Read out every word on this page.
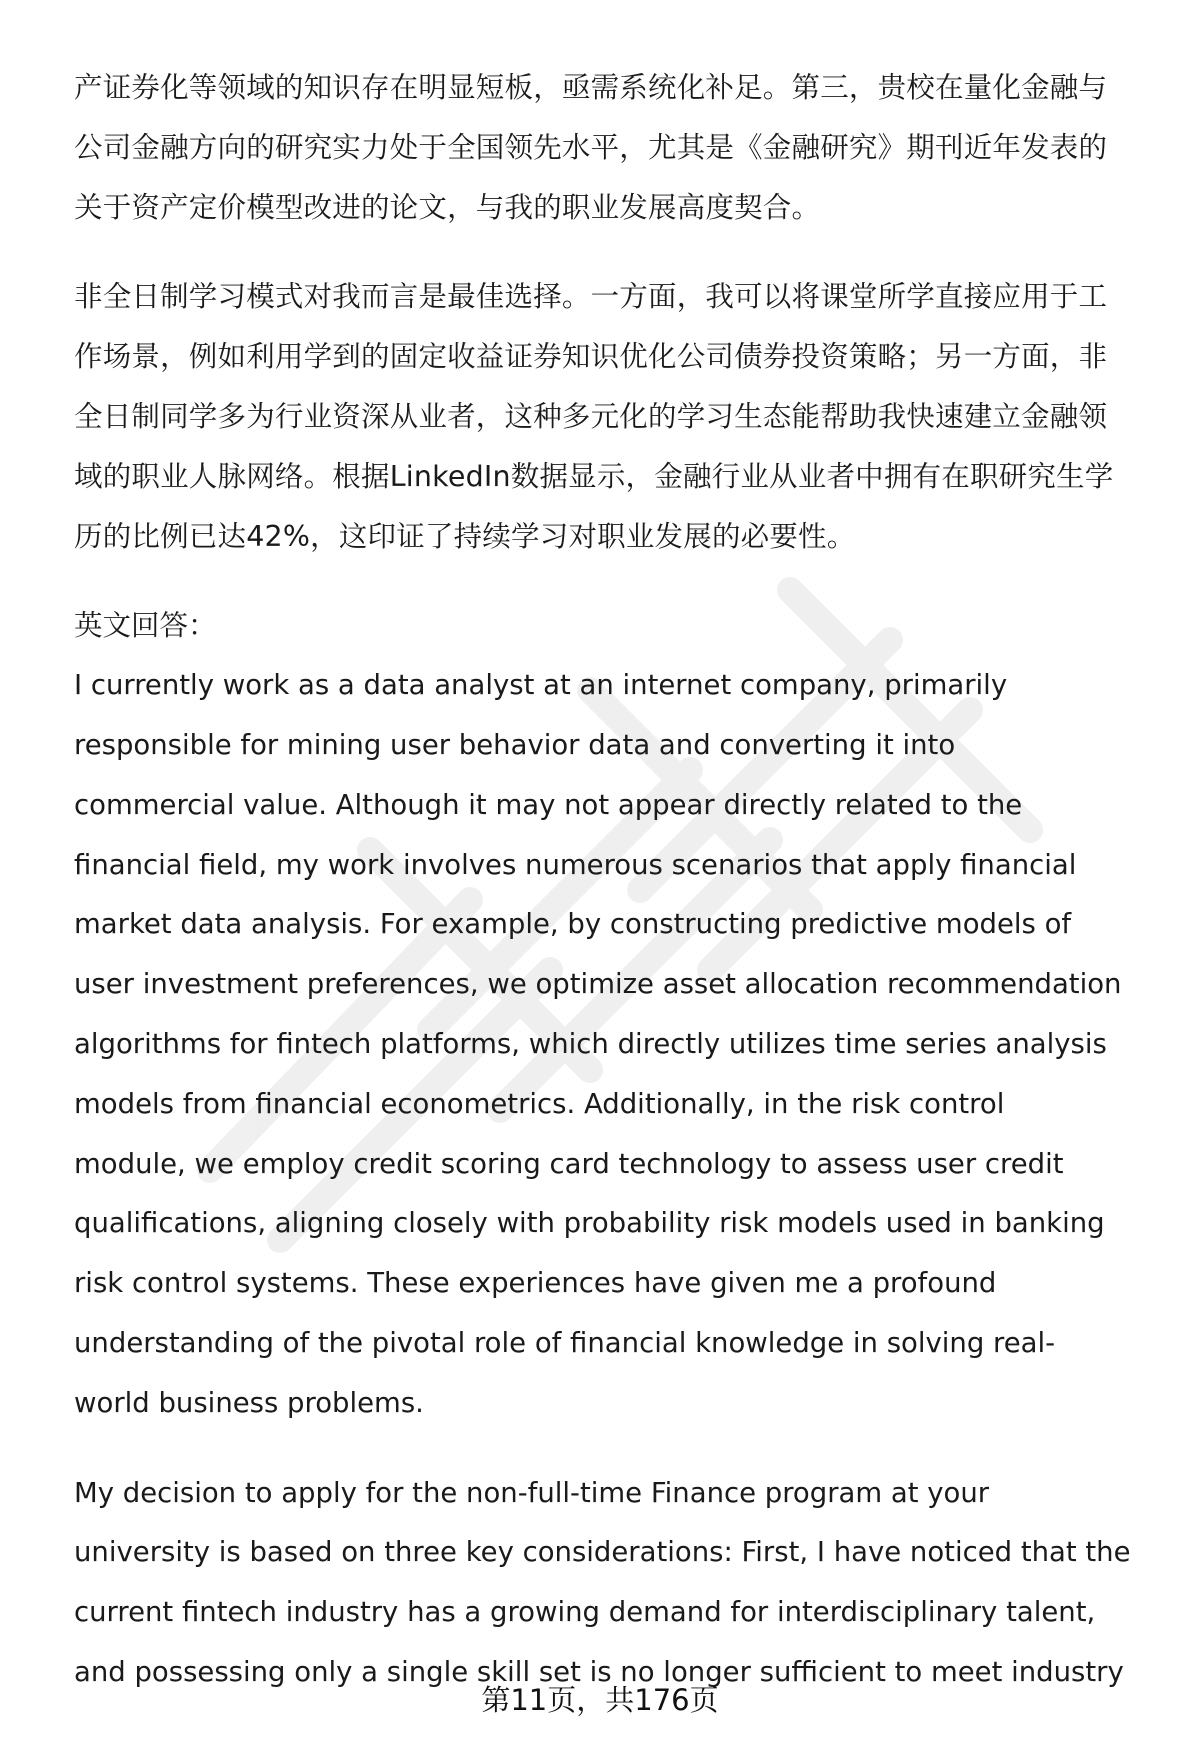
产证券化等领域的知识存在明显短板，亟需系统化补足。第三，贵校在量化金融与
公司金融方向的研究实力处于全国领先水平，尤其是《金融研究》期刊近年发表的
关于资产定价模型改进的论文，与我的职业发展高度契合。
非全日制学习模式对我而言是最佳选择。一方面，我可以将课堂所学直接应用于工
作场景，例如利用学到的固定收益证券知识优化公司债券投资策略；另一方面，非
全日制同学多为行业资深从业者，这种多元化的学习生态能帮助我快速建立金融领
域的职业人脉网络。根据LinkedIn数据显示，金融行业从业者中拥有在职研究生学
历的比例已达42%，这印证了持续学习对职业发展的必要性。
英文回答：
I currently work as a data analyst at an internet company, primarily
responsible for mining user behavior data and converting it into
commercial value. Although it may not appear directly related to the
financial field, my work involves numerous scenarios that apply financial
market data analysis. For example, by constructing predictive models of
user investment preferences, we optimize asset allocation recommendation
algorithms for fintech platforms, which directly utilizes time series analysis
models from financial econometrics. Additionally, in the risk control
module, we employ credit scoring card technology to assess user credit
qualifications, aligning closely with probability risk models used in banking
risk control systems. These experiences have given me a profound
understanding of the pivotal role of financial knowledge in solving real-
world business problems.
My decision to apply for the non-full-time Finance program at your
university is based on three key considerations: First, I have noticed that the
current fintech industry has a growing demand for interdisciplinary talent,
and possessing only a single skill set is no longer sufficient to meet industry
第11页，共176页
